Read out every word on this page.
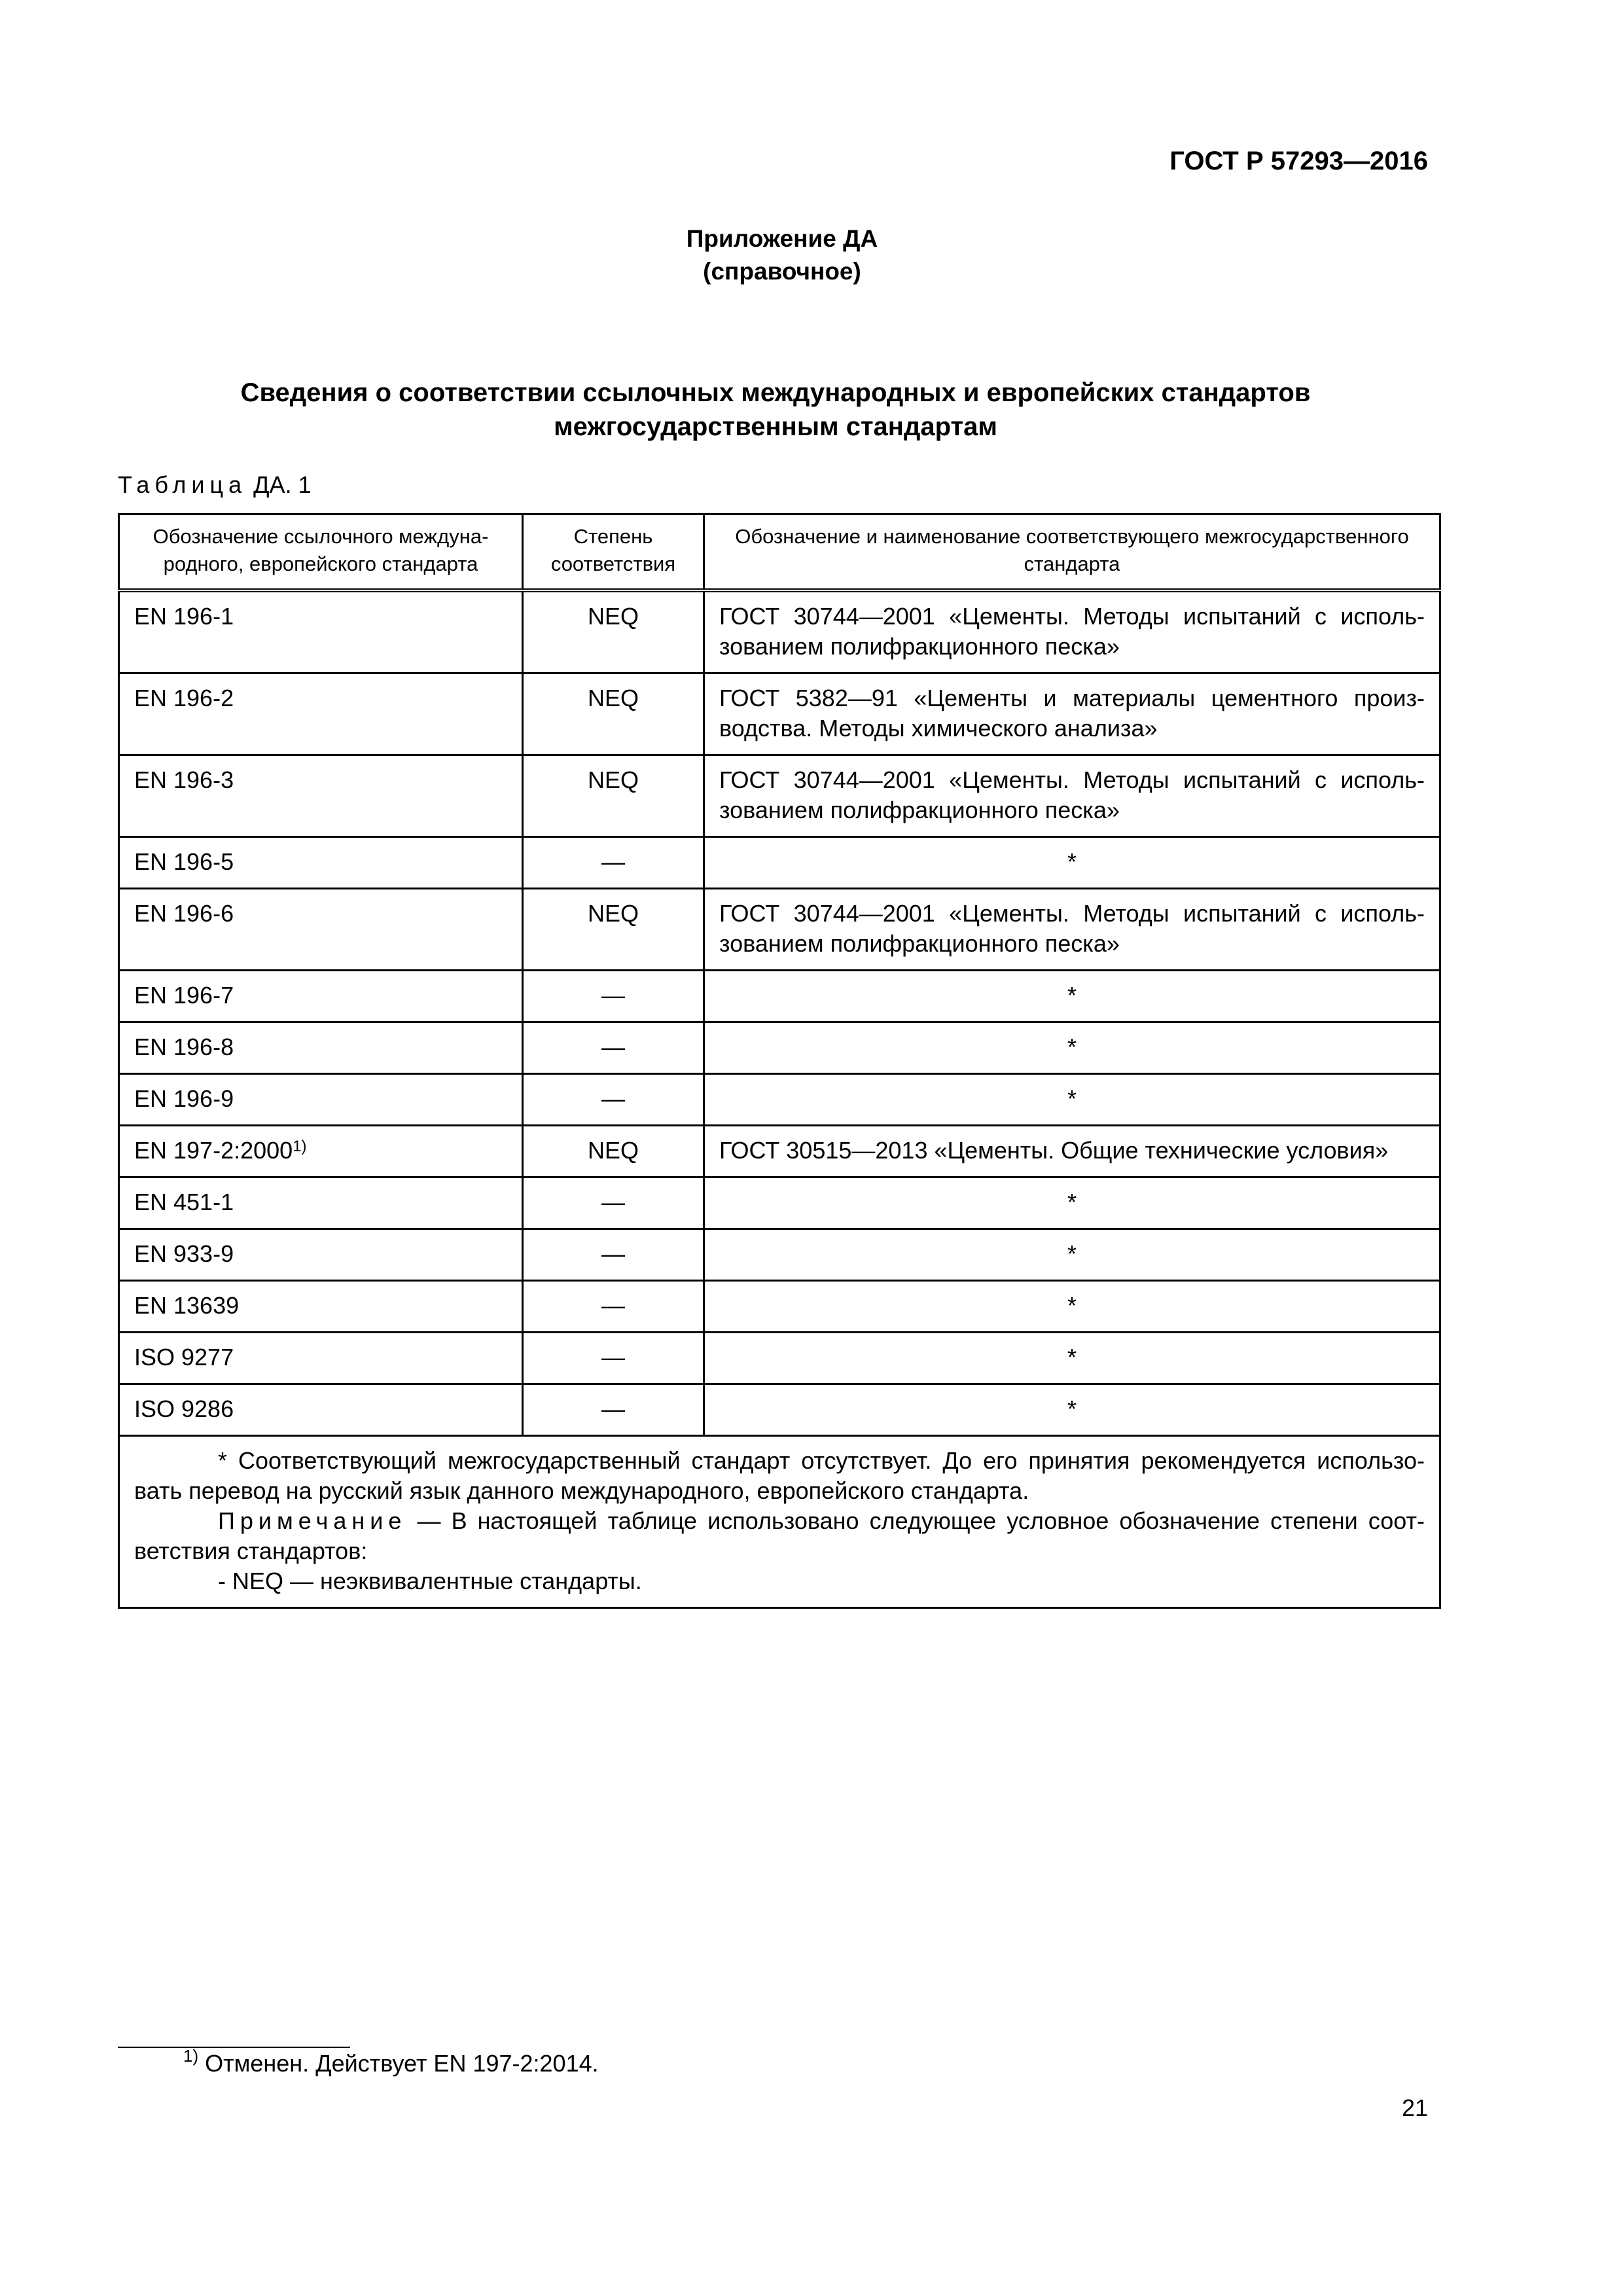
ГОСТ Р 57293—2016
Приложение ДА
(справочное)
Сведения о соответствии ссылочных международных и европейских стандартов
межгосударственным стандартам
Таблица ДА. 1
Обозначение ссылочного междуна-родного, европейского стандарта	Степень соответствия	Обозначение и наименование соответствующего межгосударственного стандарта
EN 196-1	NEQ	ГОСТ 30744—2001 «Цементы. Методы испытаний с исполь-зованием полифракционного песка»
EN 196-2	NEQ	ГОСТ 5382—91 «Цементы и материалы цементного произ-водства. Методы химического анализа»
EN 196-3	NEQ	ГОСТ 30744—2001 «Цементы. Методы испытаний с исполь-зованием полифракционного песка»
EN 196-5	—	*
EN 196-6	NEQ	ГОСТ 30744—2001 «Цементы. Методы испытаний с исполь-зованием полифракционного песка»
EN 196-7	—	*
EN 196-8	—	*
EN 196-9	—	*
EN 197-2:2000$^{1)}$	NEQ	ГОСТ 30515—2013 «Цементы. Общие технические условия»
EN 451-1	—	*
EN 933-9	—	*
EN 13639	—	*
ISO 9277	—	*
ISO 9286	—	*

* Соответствующий межгосударственный стандарт отсутствует. До его принятия рекомендуется использо-вать перевод на русский язык данного международного, европейского стандарта.

Примечание — В настоящей таблице использовано следующее условное обозначение степени соот-ветствия стандартов:

- NEQ — неэквивалентные стандарты.		

$^{1)}$ Отменен. Действует EN 197-2:2014.
21
